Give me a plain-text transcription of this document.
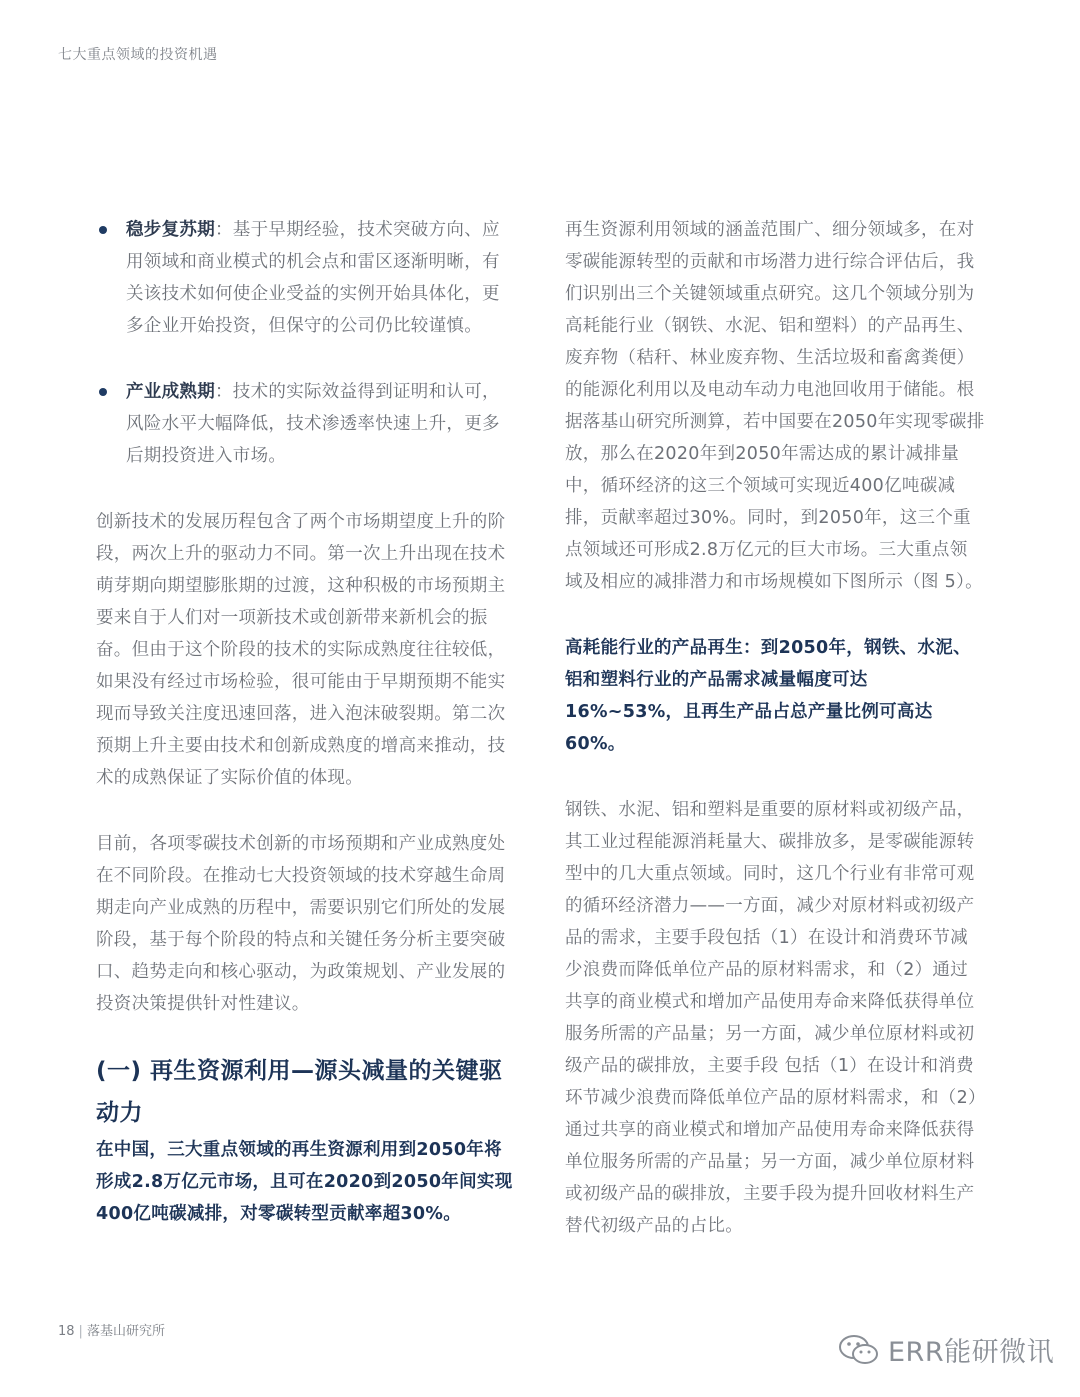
七大重点领域的投资机遇

稳步复苏期：基于早期经验，技术突破方向、应用领域和商业模式的机会点和雷区逐渐明晰，有关该技术如何使企业受益的实例开始具体化，更多企业开始投资，但保守的公司仍比较谨慎。

产业成熟期：技术的实际效益得到证明和认可，风险水平大幅降低，技术渗透率快速上升，更多后期投资进入市场。

创新技术的发展历程包含了两个市场期望度上升的阶段，两次上升的驱动力不同。第一次上升出现在技术萌芽期向期望膨胀期的过渡，这种积极的市场预期主要来自于人们对一项新技术或创新带来新机会的振奋。但由于这个阶段的技术的实际成熟度往往较低，如果没有经过市场检验，很可能由于早期预期不能实现而导致关注度迅速回落，进入泡沫破裂期。第二次预期上升主要由技术和创新成熟度的增高来推动，技术的成熟保证了实际价值的体现。

目前，各项零碳技术创新的市场预期和产业成熟度处在不同阶段。在推动七大投资领域的技术穿越生命周期走向产业成熟的历程中，需要识别它们所处的发展阶段，基于每个阶段的特点和关键任务分析主要突破口、趋势走向和核心驱动，为政策规划、产业发展的投资决策提供针对性建议。

(一) 再生资源利用—源头减量的关键驱动力

在中国，三大重点领域的再生资源利用到2050年将形成2.8万亿元市场，且可在2020到2050年间实现400亿吨碳减排，对零碳转型贡献率超30%。

再生资源利用领域的涵盖范围广、细分领域多，在对零碳能源转型的贡献和市场潜力进行综合评估后，我们识别出三个关键领域重点研究。这几个领域分别为高耗能行业（钢铁、水泥、铝和塑料）的产品再生、废弃物（秸秆、林业废弃物、生活垃圾和畜禽粪便）的能源化利用以及电动车动力电池回收用于储能。根据落基山研究所测算，若中国要在2050年实现零碳排放，那么在2020年到2050年需达成的累计减排量中，循环经济的这三个领域可实现近400亿吨碳减排，贡献率超过30%。同时，到2050年，这三个重点领域还可形成2.8万亿元的巨大市场。三大重点领域及相应的减排潜力和市场规模如下图所示（图 5）。

高耗能行业的产品再生：到2050年，钢铁、水泥、铝和塑料行业的产品需求减量幅度可达16%~53%，且再生产品占总产量比例可高达60%。

钢铁、水泥、铝和塑料是重要的原材料或初级产品，其工业过程能源消耗量大、碳排放多，是零碳能源转型中的几大重点领域。同时，这几个行业有非常可观的循环经济潜力——一方面，减少对原材料或初级产品的需求，主要手段包括（1）在设计和消费环节减少浪费而降低单位产品的原材料需求，和（2）通过共享的商业模式和增加产品使用寿命来降低获得单位服务所需的产品量；另一方面，减少单位原材料或初级产品的碳排放，主要手段 包括（1）在设计和消费环节减少浪费而降低单位产品的原材料需求，和（2）通过共享的商业模式和增加产品使用寿命来降低获得单位服务所需的产品量；另一方面，减少单位原材料或初级产品的碳排放，主要手段为提升回收材料生产替代初级产品的占比。

18 | 落基山研究所
ERR能研微讯
